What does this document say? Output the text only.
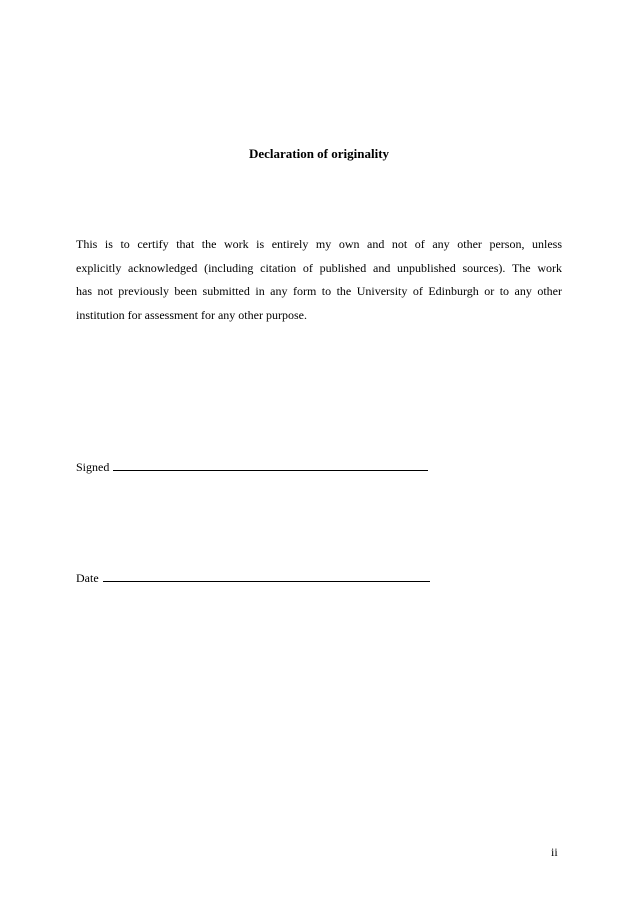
Declaration of originality
This is to certify that the work is entirely my own and not of any other person, unless
explicitly acknowledged (including citation of published and unpublished sources). The work
has not previously been submitted in any form to the University of Edinburgh or to any other
institution for assessment for any other purpose.
Signed
Date
ii
